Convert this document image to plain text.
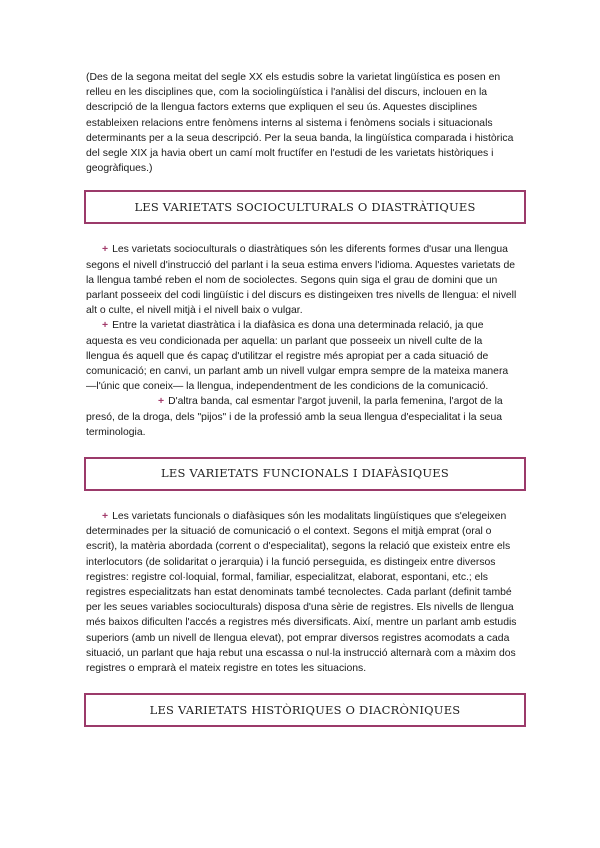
(Des de la segona meitat del segle XX els estudis sobre la varietat lingüística es posen en relleu en les disciplines que, com la sociolingüística i l'anàlisi del discurs, inclouen en la descripció de la llengua factors externs que expliquen el seu ús. Aquestes disciplines estableixen relacions entre fenòmens interns al sistema i fenòmens socials i situacionals determinants per a la seua descripció. Per la seua banda, la lingüística comparada i històrica del segle XIX ja havia obert un camí molt fructífer en l'estudi de les varietats històriques i geogràfiques.)

LES VARIETATS SOCIOCULTURALS O DIASTRÀTIQUES

+ Les varietats socioculturals o diastràtiques són les diferents formes d'usar una llengua segons el nivell d'instrucció del parlant i la seua estima envers l'idioma. Aquestes varietats de la llengua també reben el nom de sociolectes. Segons quin siga el grau de domini que un parlant posseeix del codi lingüístic i del discurs es distingeixen tres nivells de llengua: el nivell alt o culte, el nivell mitjà i el nivell baix o vulgar.

+ Entre la varietat diastràtica i la diafàsica es dona una determinada relació, ja que aquesta es veu condicionada per aquella: un parlant que posseeix un nivell culte de la llengua és aquell que és capaç d'utilitzar el registre més apropiat per a cada situació de comunicació; en canvi, un parlant amb un nivell vulgar empra sempre de la mateixa manera —l'únic que coneix— la llengua, independentment de les condicions de la comunicació.+ D'altra banda, cal esmentar l'argot juvenil, la parla femenina, l'argot de la presó, de la droga, dels "pijos" i de la professió amb la seua llengua d'especialitat i la seua terminologia.

LES VARIETATS FUNCIONALS I DIAFÀSIQUES

+ Les varietats funcionals o diafàsiques són les modalitats lingüístiques que s'elegeixen determinades per la situació de comunicació o el context. Segons el mitjà emprat (oral o escrit), la matèria abordada (corrent o d'especialitat), segons la relació que existeix entre els interlocutors (de solidaritat o jerarquia) i la funció perseguida, es distingeix entre diversos registres: registre col·loquial, formal, familiar, especialitzat, elaborat, espontani, etc.; els registres especialitzats han estat denominats també tecnolectes. Cada parlant (definit també per les seues variables socioculturals) disposa d'una sèrie de registres. Els nivells de llengua més baixos dificulten l'accés a registres més diversificats. Així, mentre un parlant amb estudis superiors (amb un nivell de llengua elevat), pot emprar diversos registres acomodats a cada situació, un parlant que haja rebut una escassa o nul·la instrucció alternarà com a màxim dos registres o emprarà el mateix registre en totes les situacions.

LES VARIETATS HISTÒRIQUES O DIACRÒNIQUES
